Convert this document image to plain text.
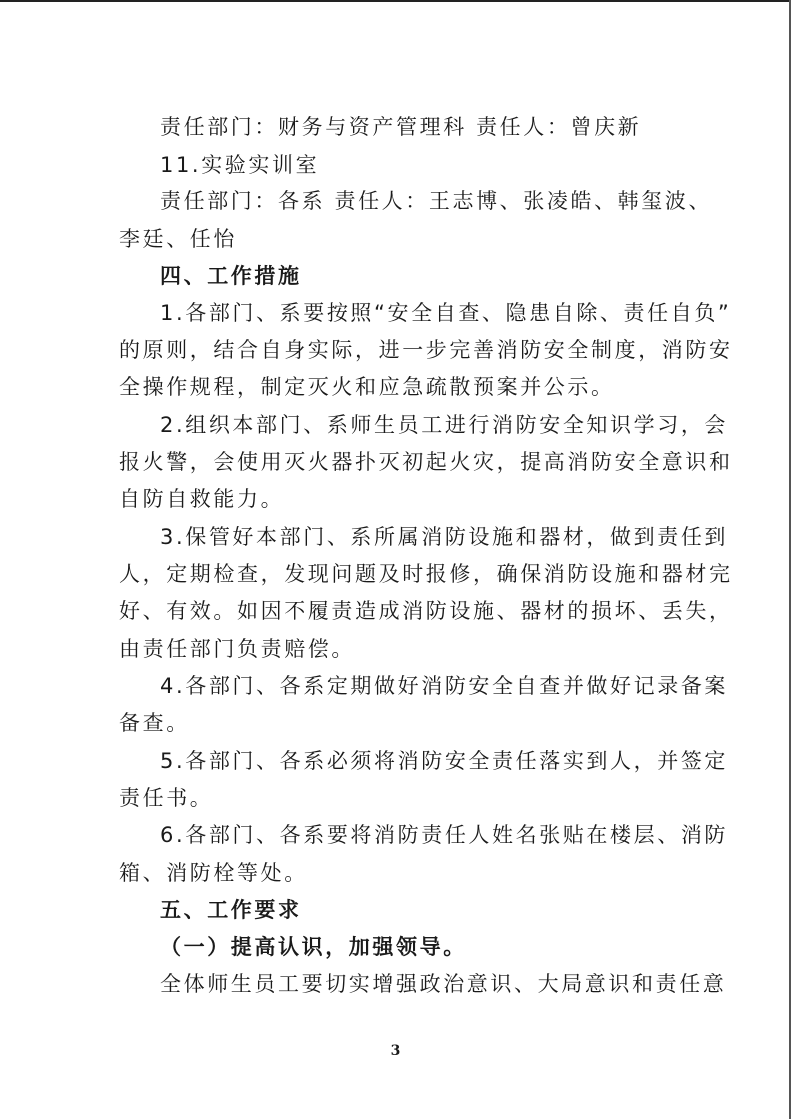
责任部门：财务与资产管理科 责任人：曾庆新

11.实验实训室

责任部门：各系 责任人：王志博、张凌皓、韩玺波、

李廷、任怡

四、工作措施

1.各部门、系要按照“安全自查、隐患自除、责任自负”

的原则，结合自身实际，进一步完善消防安全制度，消防安

全操作规程，制定灭火和应急疏散预案并公示。

2.组织本部门、系师生员工进行消防安全知识学习，会

报火警，会使用灭火器扑灭初起火灾，提高消防安全意识和

自防自救能力。

3.保管好本部门、系所属消防设施和器材，做到责任到

人，定期检查，发现问题及时报修，确保消防设施和器材完

好、有效。如因不履责造成消防设施、器材的损坏、丢失，

由责任部门负责赔偿。

4.各部门、各系定期做好消防安全自查并做好记录备案

备查。

5.各部门、各系必须将消防安全责任落实到人，并签定

责任书。

6.各部门、各系要将消防责任人姓名张贴在楼层、消防

箱、消防栓等处。

五、工作要求

（一）提高认识，加强领导。

全体师生员工要切实增强政治意识、大局意识和责任意

3
